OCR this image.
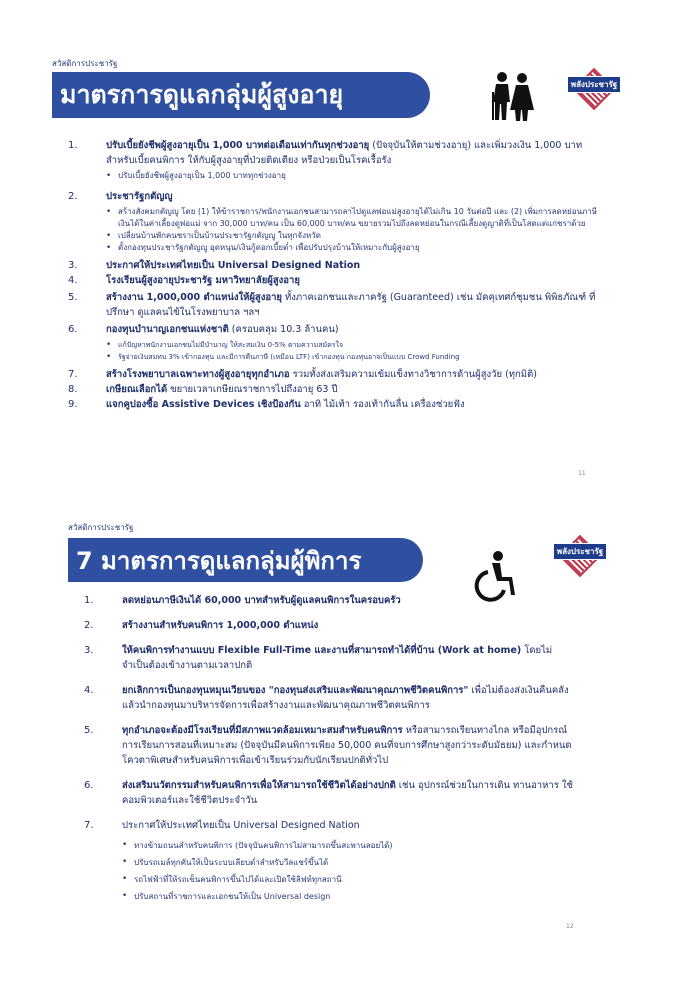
สวัสดิการประชารัฐ
มาตรการดูแลกลุ่มผู้สูงอายุ	พลังประชารัฐ
1.	ปรับเบี้ยยังชีพผู้สูงอายุเป็น 1,000 บาทต่อเดือนเท่ากันทุกช่วงอายุ (ปัจจุบันให้ตามช่วงอายุ) และเพิ่มวงเงิน 1,000 บาทสำหรับเบี้ยคนพิการ ให้กับผู้สูงอายุที่ป่วยติดเตียง หรือป่วยเป็นโรคเรื้อรัง
• ปรับเบี้ยยังชีพผู้สูงอายุเป็น 1,000 บาททุกช่วงอายุ
2.	ประชารัฐกตัญญู
• สร้างสังคมกตัญญู โดย (1) ให้ข้าราชการ/พนักงานเอกชนสามารถลาไปดูแลพ่อแม่สูงอายุได้ไม่เกิน 10 วันต่อปี และ (2) เพิ่มการลดหย่อนภาษีเงินได้ในค่าเลี้ยงดูพ่อแม่ จาก 30,000 บาท/คน เป็น 60,000 บาท/คน ขยายรวมไปถึงลดหย่อนในกรณีเลี้ยงดูญาติที่เป็นโสดแต่แก่ชราด้วย
• เปลี่ยนบ้านพักคนชราเป็นบ้านประชารัฐกตัญญู ในทุกจังหวัด
• ตั้งกองทุนประชารัฐกตัญญู อุดหนุน/เงินกู้ดอกเบี้ยต่ำ เพื่อปรับปรุงบ้านให้เหมาะกับผู้สูงอายุ
3.	ประกาศให้ประเทศไทยเป็น Universal Designed Nation
4.	โรงเรียนผู้สูงอายุประชารัฐ มหาวิทยาลัยผู้สูงอายุ
5.	สร้างงาน 1,000,000 ตำแหน่งให้ผู้สูงอายุ ทั้งภาคเอกชนและภาครัฐ (Guaranteed) เช่น มัคคุเทศก์ชุมชน พิพิธภัณฑ์ ที่ปรึกษา ดูแลคนไข้ในโรงพยาบาล ฯลฯ
6.	กองทุนบำนาญเอกชนแห่งชาติ (ครอบคลุม 10.3 ล้านคน)
• แก้ปัญหาพนักงานเอกชนไม่มีบำนาญ ให้สะสมเงิน 0-5% ตามความสมัครใจ
• รัฐจ่ายเงินสมทบ 3% เข้ากองทุน และมีการคืนภาษี (เหมือน LTF) เข้ากองทุน กองทุนอาจเป็นแบบ Crowd Funding
7.	สร้างโรงพยาบาลเฉพาะทางผู้สูงอายุทุกอำเภอ รวมทั้งส่งเสริมความเข้มแข็งทางวิชาการด้านผู้สูงวัย (ทุกมิติ)
8.	เกษียณเลือกได้ ขยายเวลาเกษียณราชการไปถึงอายุ 63 ปี
9.	แจกคูปองซื้อ Assistive Devices เชิงป้องกัน อาทิ ไม้เท้า รองเท้ากันลื่น เครื่องช่วยฟัง
11
สวัสดิการประชารัฐ
7 มาตรการดูแลกลุ่มผู้พิการ	พลังประชารัฐ
1.	ลดหย่อนภาษีเงินได้ 60,000 บาทสำหรับผู้ดูแลคนพิการในครอบครัว
2.	สร้างงานสำหรับคนพิการ 1,000,000 ตำแหน่ง
3.	ให้คนพิการทำงานแบบ Flexible Full-Time และงานที่สามารถทำได้ที่บ้าน (Work at home) โดยไม่จำเป็นต้องเข้างานตามเวลาปกติ
4.	ยกเลิกการเป็นกองทุนหมุนเวียนของ "กองทุนส่งเสริมและพัฒนาคุณภาพชีวิตคนพิการ" เพื่อไม่ต้องส่งเงินคืนคลัง แล้วนำกองทุนมาบริหารจัดการเพื่อสร้างงานและพัฒนาคุณภาพชีวิตคนพิการ
5.	ทุกอำเภอจะต้องมีโรงเรียนที่มีสภาพแวดล้อมเหมาะสมสำหรับคนพิการ หรือสามารถเรียนทางไกล หรือมีอุปกรณ์การเรียนการสอนที่เหมาะสม (ปัจจุบันมีคนพิการเพียง 50,000 คนที่จบการศึกษาสูงกว่าระดับมัธยม) และกำหนดโควตาพิเศษสำหรับคนพิการเพื่อเข้าเรียนร่วมกับนักเรียนปกติทั่วไป
6.	ส่งเสริมนวัตกรรมสำหรับคนพิการเพื่อให้สามารถใช้ชีวิตได้อย่างปกติ เช่น อุปกรณ์ช่วยในการเดิน ทานอาหาร ใช้คอมพิวเตอร์และใช้ชีวิตประจำวัน
7.	ประกาศให้ประเทศไทยเป็น Universal Designed Nation
• ทางข้ามถนนสำหรับคนพิการ (ปัจจุบันคนพิการไม่สามารถขึ้นสะพานลอยได้)
• ปรับรถเมล์ทุกคันให้เป็นระบบเลียบต่ำสำหรับวีลแชร์ขึ้นได้
• รถไฟฟ้าที่ให้รถเข็นคนพิการขึ้นไปได้และเปิดใช้ลิฟท์ทุกสถานี
• ปรับสถานที่ราชการและเอกชนให้เป็น Universal design
12
